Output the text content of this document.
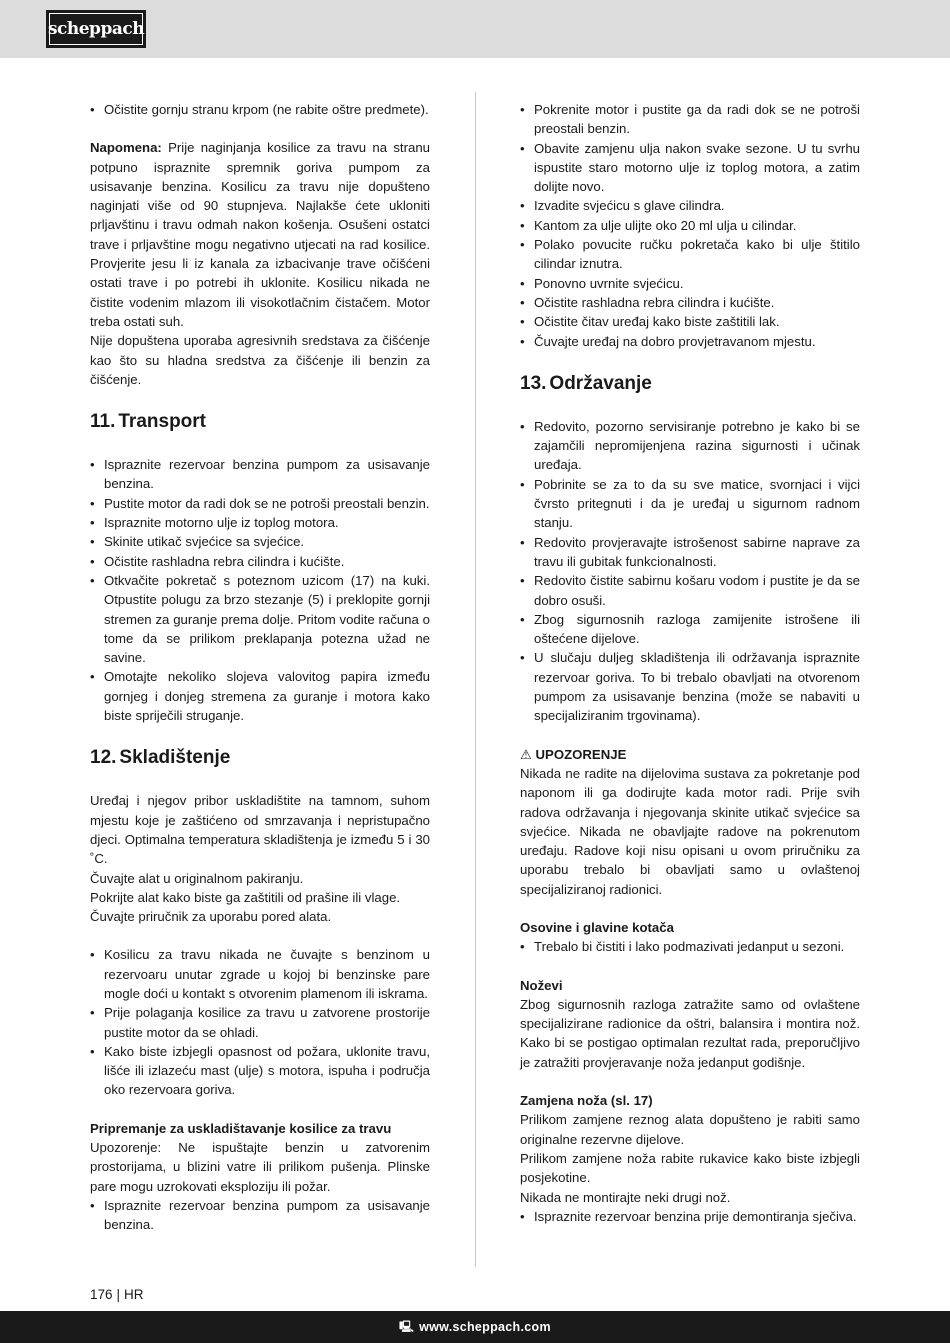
scheppach
• Očistite gornju stranu krpom (ne rabite oštre predmete).

Napomena: Prije naginjanja kosilice za travu na stranu potpuno ispraznite spremnik goriva pumpom za usisavanje benzina. Kosilicu za travu nije dopušteno naginjati više od 90 stupnjeva. Najlakše ćete ukloniti prljavštinu i travu odmah nakon košenja. Osušeni ostatci trave i prljavštine mogu negativno utjecati na rad kosilice. Provjerite jesu li iz kanala za izbacivanje trave očišćeni ostati trave i po potrebi ih uklonite. Kosilicu nikada ne čistite vodenim mlazom ili visokotlačnim čistačem. Motor treba ostati suh.

Nije dopuštena uporaba agresivnih sredstava za čišćenje kao što su hladna sredstva za čišćenje ili benzin za čišćenje.

11. Transport
• Ispraznite rezervoar benzina pumpom za usisavanje benzina.
• Pustite motor da radi dok se ne potroši preostali benzin.
• Ispraznite motorno ulje iz toplog motora.
• Skinite utikač svjećice sa svjećice.
• Očistite rashladna rebra cilindra i kućište.
• Otkvačite pokretač s poteznom uzicom (17) na kuki. Otpustite polugu za brzo stezanje (5) i preklopite gornji stremen za guranje prema dolje. Pritom vodite računa o tome da se prilikom preklapanja potezna užad ne savine.
• Omotajte nekoliko slojeva valovitog papira između gornjeg i donjeg stremena za guranje i motora kako biste spriječili struganje.
12. Skladištenje

Uređaj i njegov pribor uskladištite na tamnom, suhom mjestu koje je zaštićeno od smrzavanja i nepristupačno djeci. Optimalna temperatura skladištenja je između 5 i 30 ˚C.

Čuvajte alat u originalnom pakiranju.

Pokrijte alat kako biste ga zaštitili od prašine ili vlage.

Čuvajte priručnik za uporabu pored alata.

• Kosilicu za travu nikada ne čuvajte s benzinom u rezervoaru unutar zgrade u kojoj bi benzinske pare mogle doći u kontakt s otvorenim plamenom ili iskrama.
• Prije polaganja kosilice za travu u zatvorene prostorije pustite motor da se ohladi.
• Kako biste izbjegli opasnost od požara, uklonite travu, lišće ili izlazeću mast (ulje) s motora, ispuha i područja oko rezervoara goriva.

Pripremanje za uskladištavanje kosilice za travu

Upozorenje: Ne ispuštajte benzin u zatvorenim prostorijama, u blizini vatre ili prilikom pušenja. Plinske pare mogu uzrokovati eksploziju ili požar.

• Ispraznite rezervoar benzina pumpom za usisavanje benzina.
• Pokrenite motor i pustite ga da radi dok se ne potroši preostali benzin.
• Obavite zamjenu ulja nakon svake sezone. U tu svrhu ispustite staro motorno ulje iz toplog motora, a zatim dolijte novo.
• Izvadite svjećicu s glave cilindra.
• Kantom za ulje ulijte oko 20 ml ulja u cilindar.
• Polako povucite ručku pokretača kako bi ulje štitilo cilindar iznutra.
• Ponovno uvrnite svjećicu.
• Očistite rashladna rebra cilindra i kućište.
• Očistite čitav uređaj kako biste zaštitili lak.
• Čuvajte uređaj na dobro provjetravanom mjestu.
13. Održavanje
• Redovito, pozorno servisiranje potrebno je kako bi se zajamčili nepromijenjena razina sigurnosti i učinak uređaja.
• Pobrinite se za to da su sve matice, svornjaci i vijci čvrsto pritegnuti i da je uređaj u sigurnom radnom stanju.
• Redovito provjeravajte istrošenost sabirne naprave za travu ili gubitak funkcionalnosti.
• Redovito čistite sabirnu košaru vodom i pustite je da se dobro osuši.
• Zbog sigurnosnih razloga zamijenite istrošene ili oštećene dijelove.
• U slučaju duljeg skladištenja ili održavanja ispraznite rezervoar goriva. To bi trebalo obavljati na otvorenom pumpom za usisavanje benzina (može se nabaviti u specijaliziranim trgovinama).

⚠ UPOZORENJE

Nikada ne radite na dijelovima sustava za pokretanje pod naponom ili ga dodirujte kada motor radi. Prije svih radova održavanja i njegovanja skinite utikač svjećice sa svjećice. Nikada ne obavljajte radove na pokrenutom uređaju. Radove koji nisu opisani u ovom priručniku za uporabu trebalo bi obavljati samo u ovlaštenoj specijaliziranoj radionici.

Osovine i glavine kotača

• Trebalo bi čistiti i lako podmazivati jedanput u sezoni.

Noževi

Zbog sigurnosnih razloga zatražite samo od ovlaštene specijalizirane radionice da oštri, balansira i montira nož. Kako bi se postigao optimalan rezultat rada, preporučljivo je zatražiti provjeravanje noža jedanput godišnje.

Zamjena noža (sl. 17)

Prilikom zamjene reznog alata dopušteno je rabiti samo originalne rezervne dijelove.

Prilikom zamjene noža rabite rukavice kako biste izbjegli posjekotine.

Nikada ne montirajte neki drugi nož.

• Ispraznite rezervoar benzina prije demontiranja sječiva.
176 | HR
🖳 www.scheppach.com
